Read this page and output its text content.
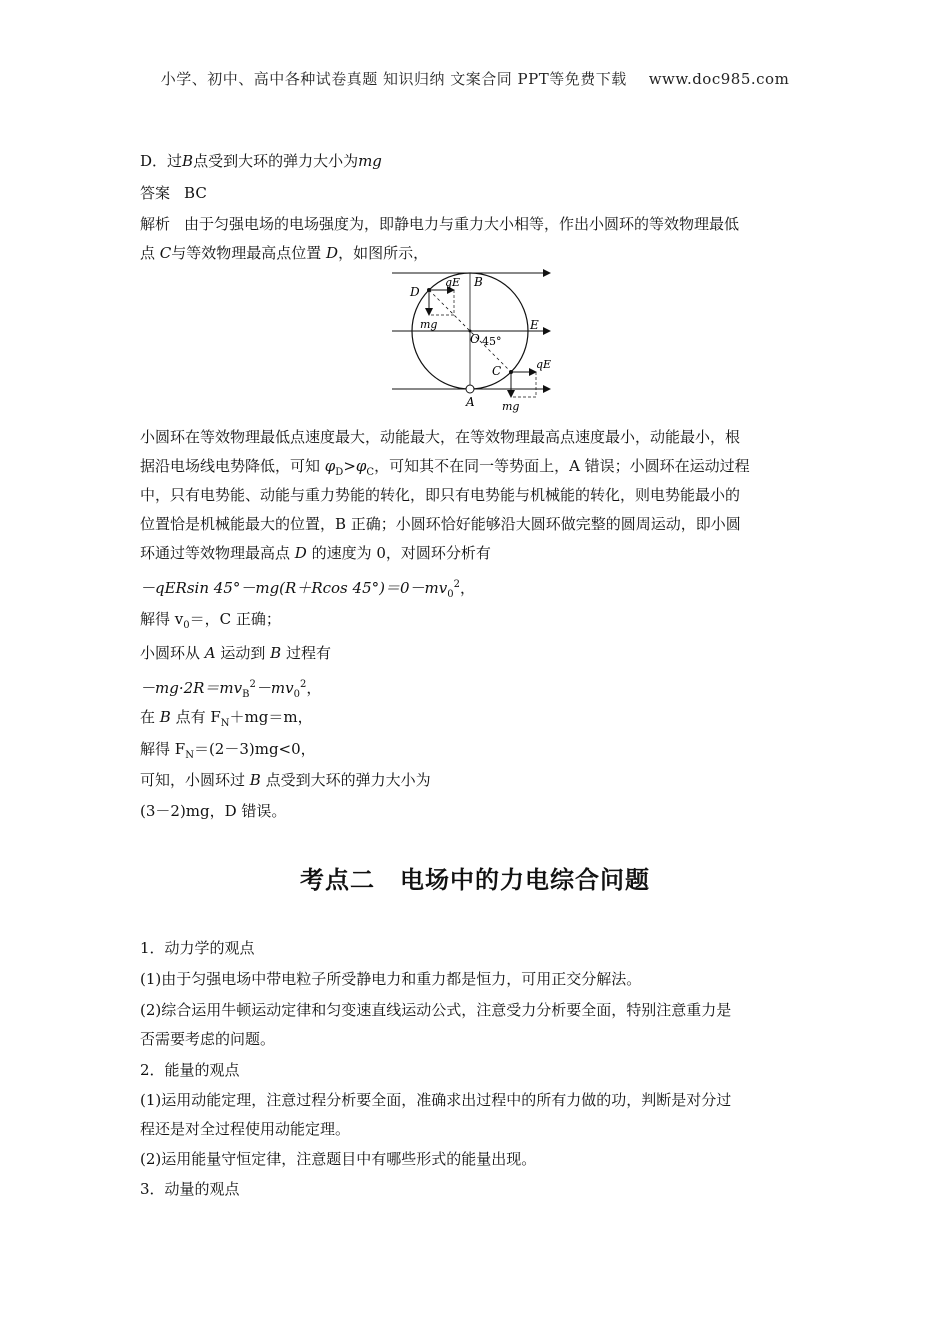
小学、初中、高中各种试卷真题 知识归纳 文案合同 PPT等免费下载 www.doc985.com
D．过B点受到大环的弹力大小为mg
答案 BC
解析 由于匀强电场的电场强度为，即静电力与重力大小相等，作出小圆环的等效物理最低
点 C与等效物理最高点位置 D，如图所示，
D
qE B
mg
O 45°
E
C	qE
A mg
小圆环在等效物理最低点速度最大，动能最大，在等效物理最高点速度最小，动能最小，根
据沿电场线电势降低，可知 $\varphi_D>\varphi_C$，可知其不在同一等势面上，A 错误；小圆环在运动过程
中，只有电势能、动能与重力势能的转化，即只有电势能与机械能的转化，则电势能最小的
位置恰是机械能最大的位置，B 正确；小圆环恰好能够沿大圆环做完整的圆周运动，即小圆
环通过等效物理最高点 D 的速度为 0，对圆环分析有
－qERsin 45°－mg(R＋Rcos $45^\circ)=0-mv_0^2$，
解得 $v_0=$，C 正确；
小圆环从 A 运动到 B 过程有
$-mg\cdot 2R=mv_B^2-mv_0^2$，
在 B 点有 $F_N+mg=m$，
解得 $F_N=(2-3)mg<0$，
可知，小圆环过 B 点受到大环的弹力大小为
(3－2)mg，D 错误。
1．动力学的观点
(1)由于匀强电场中带电粒子所受静电力和重力都是恒力，可用正交分解法。
(2)综合运用牛顿运动定律和匀变速直线运动公式，注意受力分析要全面，特别注意重力是
否需要考虑的问题。
2．能量的观点
(1)运用动能定理，注意过程分析要全面，准确求出过程中的所有力做的功，判断是对分过
程还是对全过程使用动能定理。
(2)运用能量守恒定律，注意题目中有哪些形式的能量出现。
3．动量的观点
考点二　电场中的力电综合问题
